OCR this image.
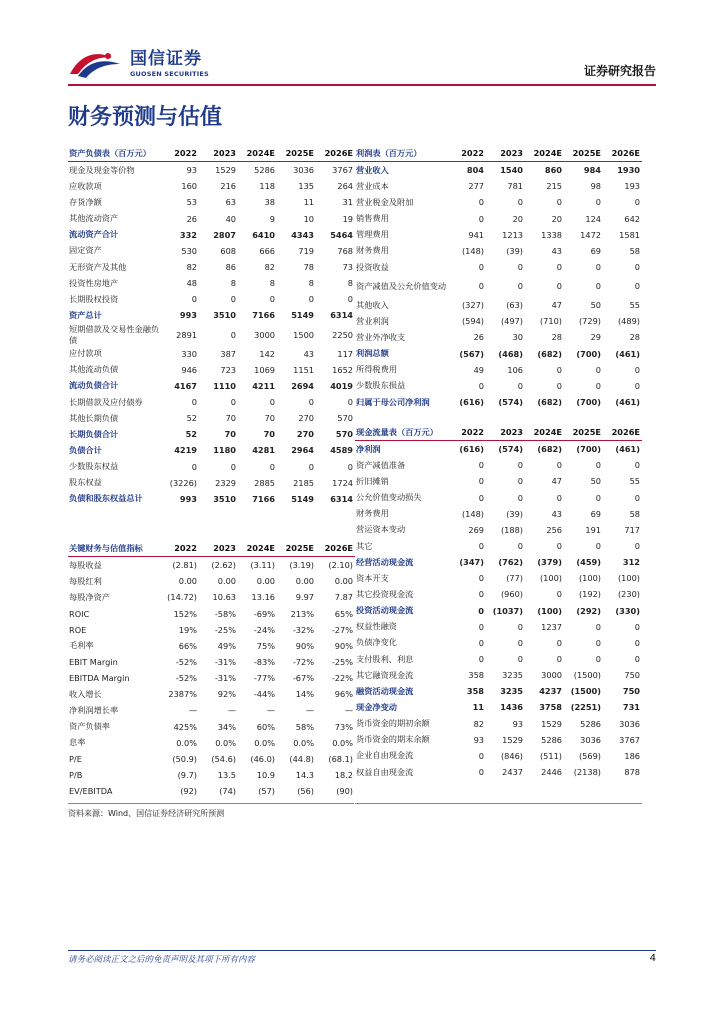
国信证券
GUOSEN SECURITIES	证券研究报告
财务预测与估值
资产负债表（百万元）	2022	2023	2024E	2025E	2026E
现金及现金等价物	93	1529	5286	3036	3767
应收款项	160	216	118	135	264
存货净额	53	63	38	11	31
其他流动资产	26	40	9	10	19
流动资产合计	332	2807	6410	4343	5464
固定资产	530	608	666	719	768
无形资产及其他	82	86	82	78	73
投资性房地产	48	8	8	8	8
长期股权投资	0	0	0	0	0
资产总计	993	3510	7166	5149	6314
短期借款及交易性金融负债	2891	0	3000	1500	2250
应付款项	330	387	142	43	117
其他流动负债	946	723	1069	1151	1652
流动负债合计	4167	1110	4211	2694	4019
长期借款及应付债券	0	0	0	0	0
其他长期负债	52	70	70	270	570
长期负债合计	52	70	70	270	570
负债合计	4219	1180	4281	2964	4589
少数股东权益	0	0	0	0	0
股东权益	(3226)	2329	2885	2185	1724
负债和股东权益总计	993	3510	7166	5149	6314
关键财务与估值指标	2022	2023	2024E	2025E	2026E
每股收益	(2.81)	(2.62)	(3.11)	(3.19)	(2.10)
每股红利	0.00	0.00	0.00	0.00	0.00
每股净资产	(14.72)	10.63	13.16	9.97	7.87
ROIC	152%	-58%	-69%	213%	65%
ROE	19%	-25%	-24%	-32%	-27%
毛利率	66%	49%	75%	90%	90%
EBIT Margin	-52%	-31%	-83%	-72%	-25%
EBITDA Margin	-52%	-31%	-77%	-67%	-22%
收入增长	2387%	92%	-44%	14%	96%
净利润增长率	—	—	—	—	—
资产负债率	425%	34%	60%	58%	73%
息率	0.0%	0.0%	0.0%	0.0%	0.0%
P/E	(50.9)	(54.6)	(46.0)	(44.8)	(68.1)
P/B	(9.7)	13.5	10.9	14.3	18.2
EV/EBITDA	(92)	(74)	(57)	(56)	(90)
利润表（百万元）	2022	2023	2024E	2025E	2026E
营业收入	804	1540	860	984	1930
营业成本	277	781	215	98	193
营业税金及附加	0	0	0	0	0
销售费用	0	20	20	124	642
管理费用	941	1213	1338	1472	1581
财务费用	(148)	(39)	43	69	58
投资收益	0	0	0	0	0
资产减值及公允价值变动	0	0	0	0	0
其他收入	(327)	(63)	47	50	55
营业利润	(594)	(497)	(710)	(729)	(489)
营业外净收支	26	30	28	29	28
利润总额	(567)	(468)	(682)	(700)	(461)
所得税费用	49	106	0	0	0
少数股东损益	0	0	0	0	0
归属于母公司净利润	(616)	(574)	(682)	(700)	(461)
现金流量表（百万元）	2022	2023	2024E	2025E	2026E
净利润	(616)	(574)	(682)	(700)	(461)
资产减值准备	0	0	0	0	0
折旧摊销	0	0	47	50	55
公允价值变动损失	0	0	0	0	0
财务费用	(148)	(39)	43	69	58
营运资本变动	269	(188)	256	191	717
其它	0	0	0	0	0
经营活动现金流	(347)	(762)	(379)	(459)	312
资本开支	0	(77)	(100)	(100)	(100)
其它投资现金流	0	(960)	0	(192)	(230)
投资活动现金流	0	(1037)	(100)	(292)	(330)
权益性融资	0	0	1237	0	0
负债净变化	0	0	0	0	0
支付股利、利息	0	0	0	0	0
其它融资现金流	358	3235	3000	(1500)	750
融资活动现金流	358	3235	4237	(1500)	750
现金净变动	11	1436	3758	(2251)	731
货币资金的期初余额	82	93	1529	5286	3036
货币资金的期末余额	93	1529	5286	3036	3767
企业自由现金流	0	(846)	(511)	(569)	186
权益自由现金流	0	2437	2446	(2138)	878
资料来源：Wind、国信证券经济研究所预测
请务必阅读正文之后的免责声明及其项下所有内容	4
